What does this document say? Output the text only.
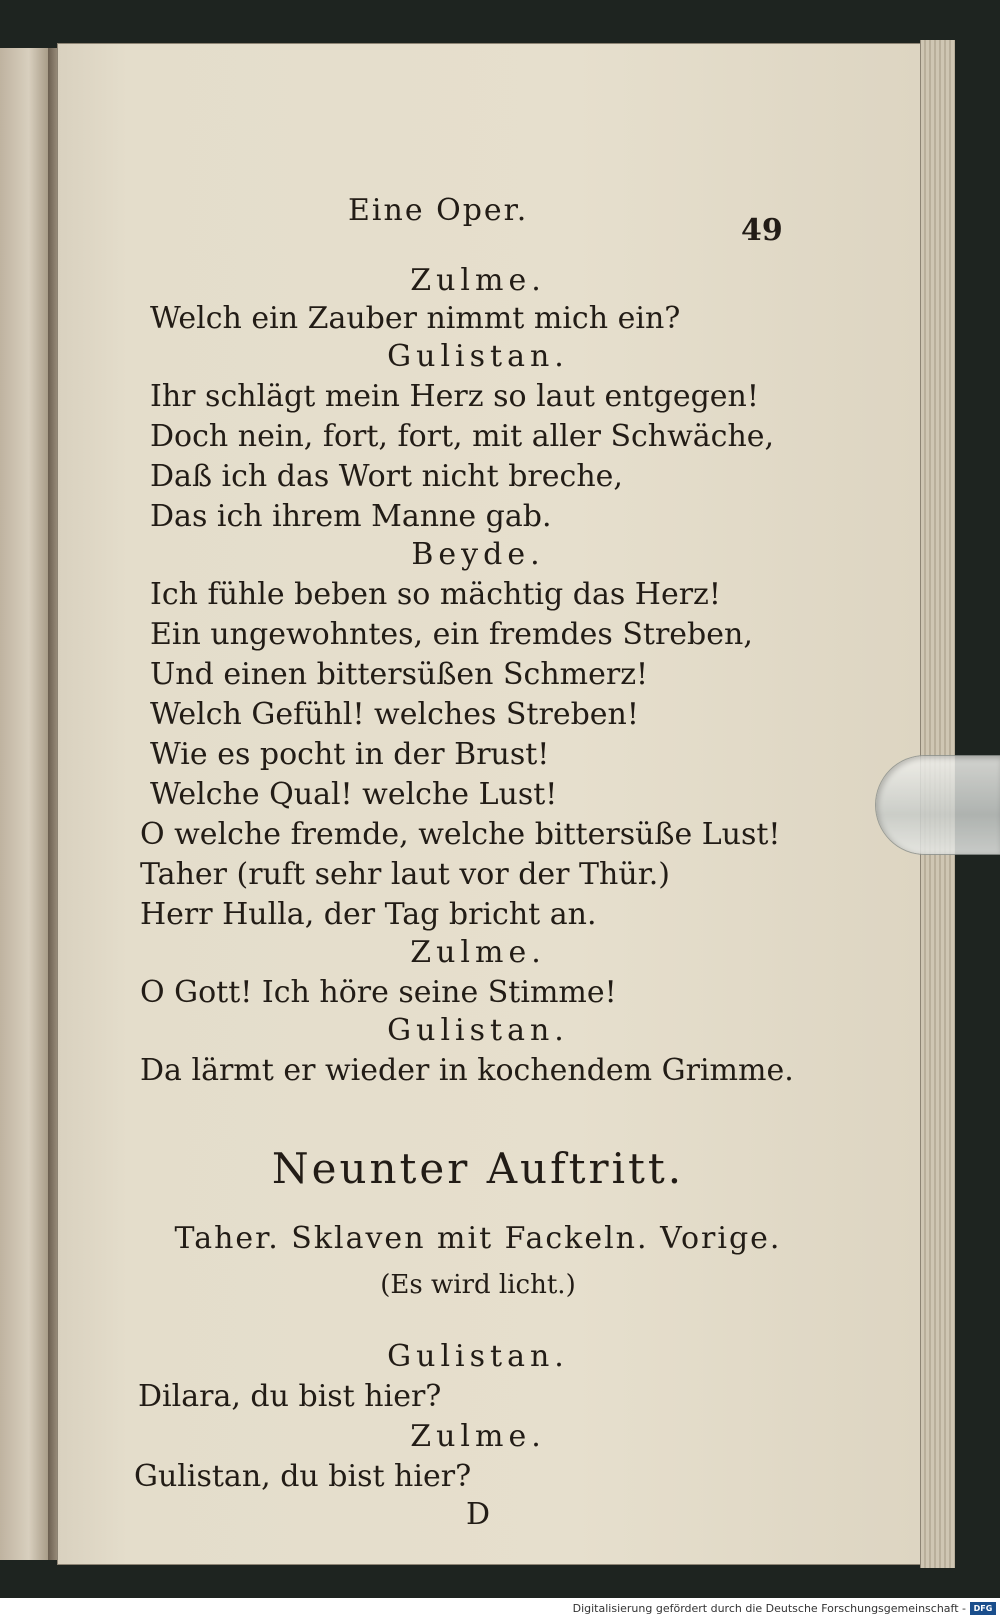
Eine Oper.
49
Zulme.
Welch ein Zauber nimmt mich ein?
Gulistan.
Ihr schlägt mein Herz so laut entgegen!
Doch nein, fort, fort, mit aller Schwäche,
Daß ich das Wort nicht breche,
Das ich ihrem Manne gab.
Beyde.
Ich fühle beben so mächtig das Herz!
Ein ungewohntes, ein fremdes Streben,
Und einen bittersüßen Schmerz!
Welch Gefühl! welches Streben!
Wie es pocht in der Brust!
Welche Qual! welche Lust!
O welche fremde, welche bittersüße Lust!
Taher (ruft sehr laut vor der Thür.)
Herr Hulla, der Tag bricht an.
Zulme.
O Gott! Ich höre seine Stimme!
Gulistan.
Da lärmt er wieder in kochendem Grimme.
Neunter Auftritt.
Taher. Sklaven mit Fackeln. Vorige.
(Es wird licht.)
Gulistan.
Dilara, du bist hier?
Zulme.
Gulistan, du bist hier?
D
Digitalisierung gefördert durch die Deutsche Forschungsgemeinschaft - DFG
